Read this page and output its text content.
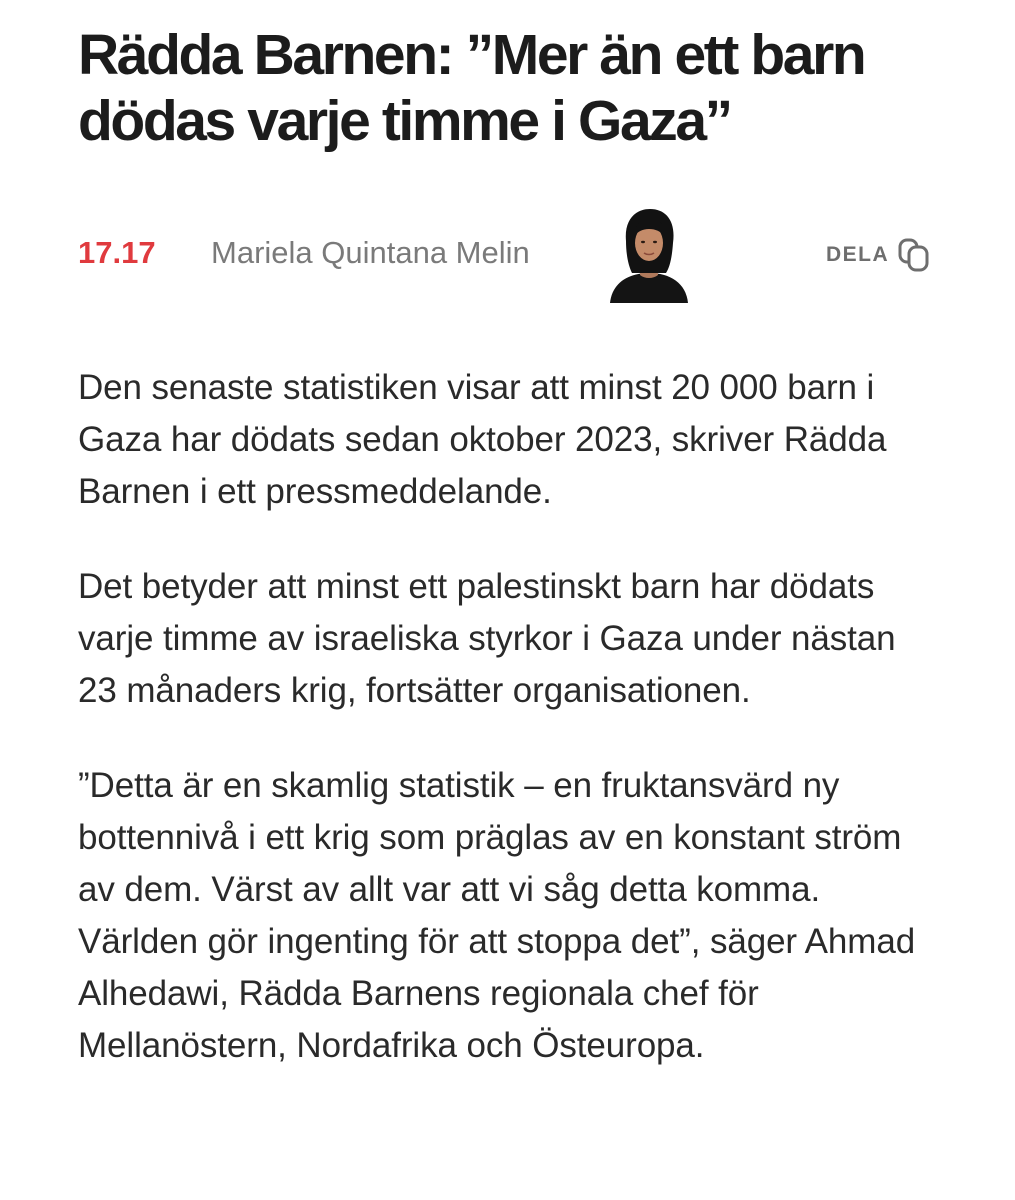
Rädda Barnen: ”Mer än ett barn dödas varje timme i Gaza”
17.17 Mariela Quintana Melin	DELA

Den senaste statistiken visar att minst 20 000 barn i Gaza har dödats sedan oktober 2023, skriver Rädda Barnen i ett pressmeddelande.

Det betyder att minst ett palestinskt barn har dödats varje timme av israeliska styrkor i Gaza under nästan 23 månaders krig, fortsätter organisationen.

”Detta är en skamlig statistik – en fruktansvärd ny bottennivå i ett krig som präglas av en konstant ström av dem. Värst av allt var att vi såg detta komma. Världen gör ingenting för att stoppa det”, säger Ahmad Alhedawi, Rädda Barnens regionala chef för Mellanöstern, Nordafrika och Östeuropa.
